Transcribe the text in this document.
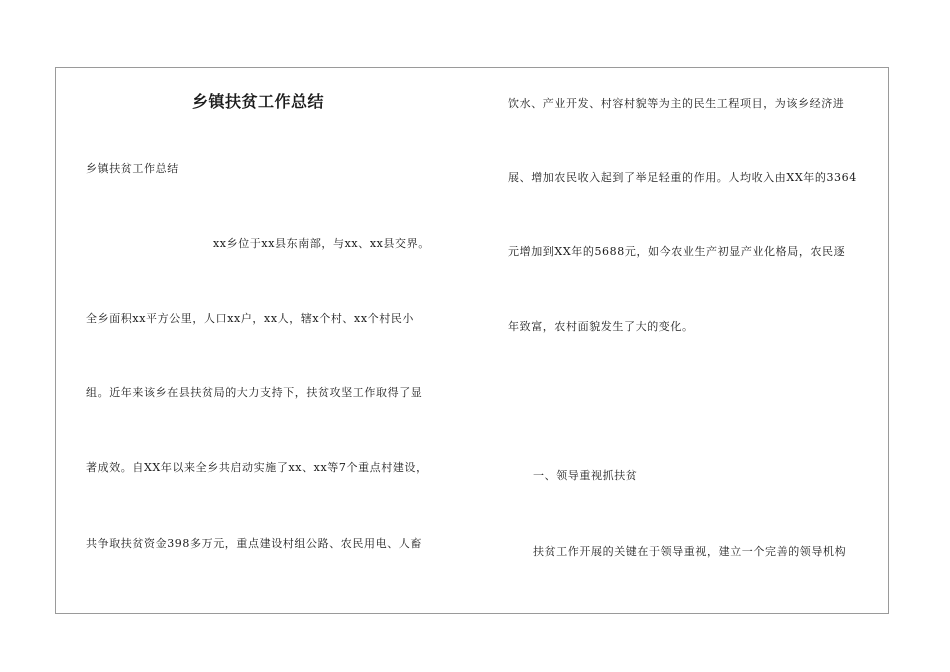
乡镇扶贫工作总结
乡镇扶贫工作总结
xx乡位于xx县东南部，与xx、xx县交界。
全乡面积xx平方公里，人口xx户，xx人，辖x个村、xx个村民小
组。近年来该乡在县扶贫局的大力支持下，扶贫攻坚工作取得了显
著成效。自XX年以来全乡共启动实施了xx、xx等7个重点村建设，
共争取扶贫资金398多万元，重点建设村组公路、农民用电、人畜
饮水、产业开发、村容村貌等为主的民生工程项目，为该乡经济进
展、增加农民收入起到了举足轻重的作用。人均收入由XX年的3364
元增加到XX年的5688元，如今农业生产初显产业化格局，农民逐
年致富，农村面貌发生了大的变化。
一、领导重视抓扶贫
扶贫工作开展的关键在于领导重视，建立一个完善的领导机构
